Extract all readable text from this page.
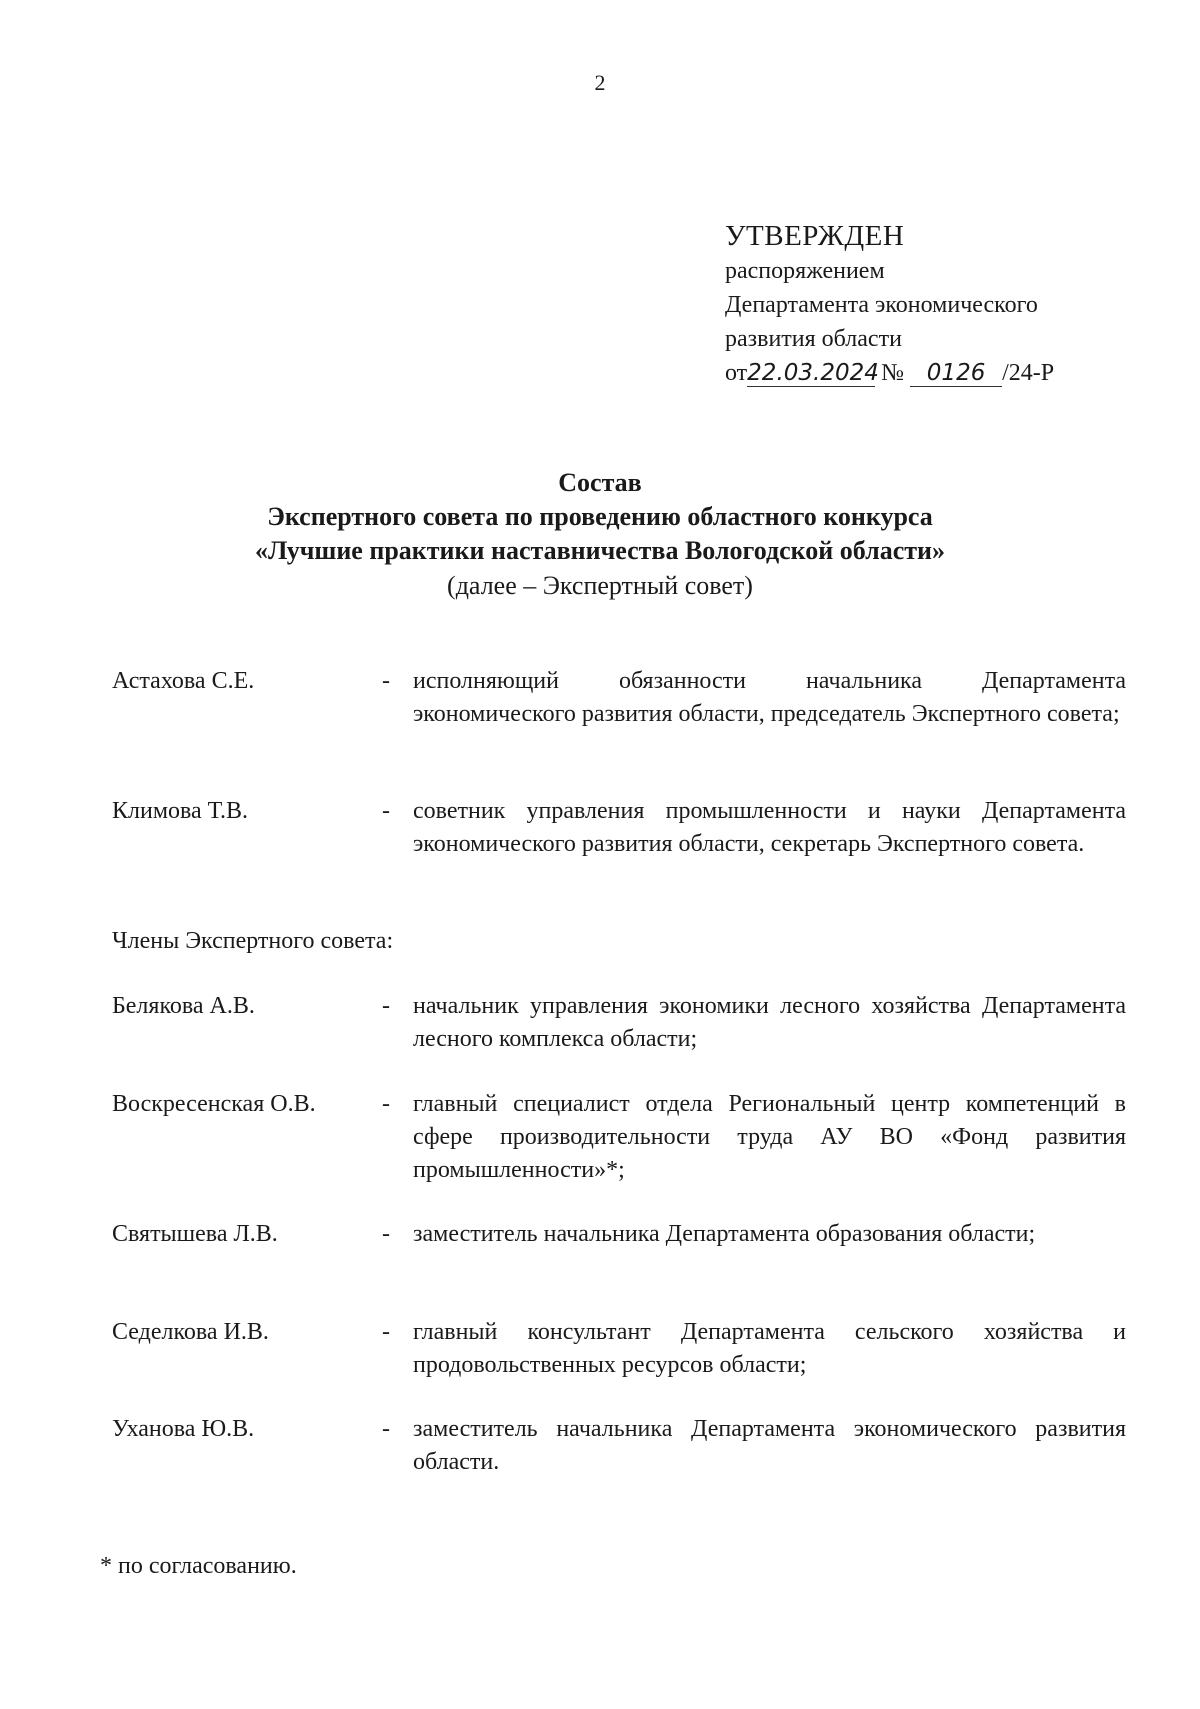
2
УТВЕРЖДЕН
распоряжением
Департамента экономического
развития области
от22.03.2024 № 0126 /24-Р
Состав
Экспертного совета по проведению областного конкурса
«Лучшие практики наставничества Вологодской области»
(далее – Экспертный совет)
Астахова С.Е.	- исполняющий обязанности начальника Департамента экономического развития области, председатель Экспертного совета;
Климова Т.В.	- советник управления промышленности и науки Департамента экономического развития области, секретарь Экспертного совета.
Члены Экспертного совета:
Белякова А.В.	- начальник управления экономики лесного хозяйства Департамента лесного комплекса области;
Воскресенская О.В.	- главный специалист отдела Региональный центр компетенций в сфере производительности труда АУ ВО «Фонд развития промышленности»*;
Святышева Л.В.	- заместитель начальника Департамента образования области;
Седелкова И.В.	- главный консультант Департамента сельского хозяйства и продовольственных ресурсов области;
Уханова Ю.В.	- заместитель начальника Департамента экономического развития области.
* по согласованию.
